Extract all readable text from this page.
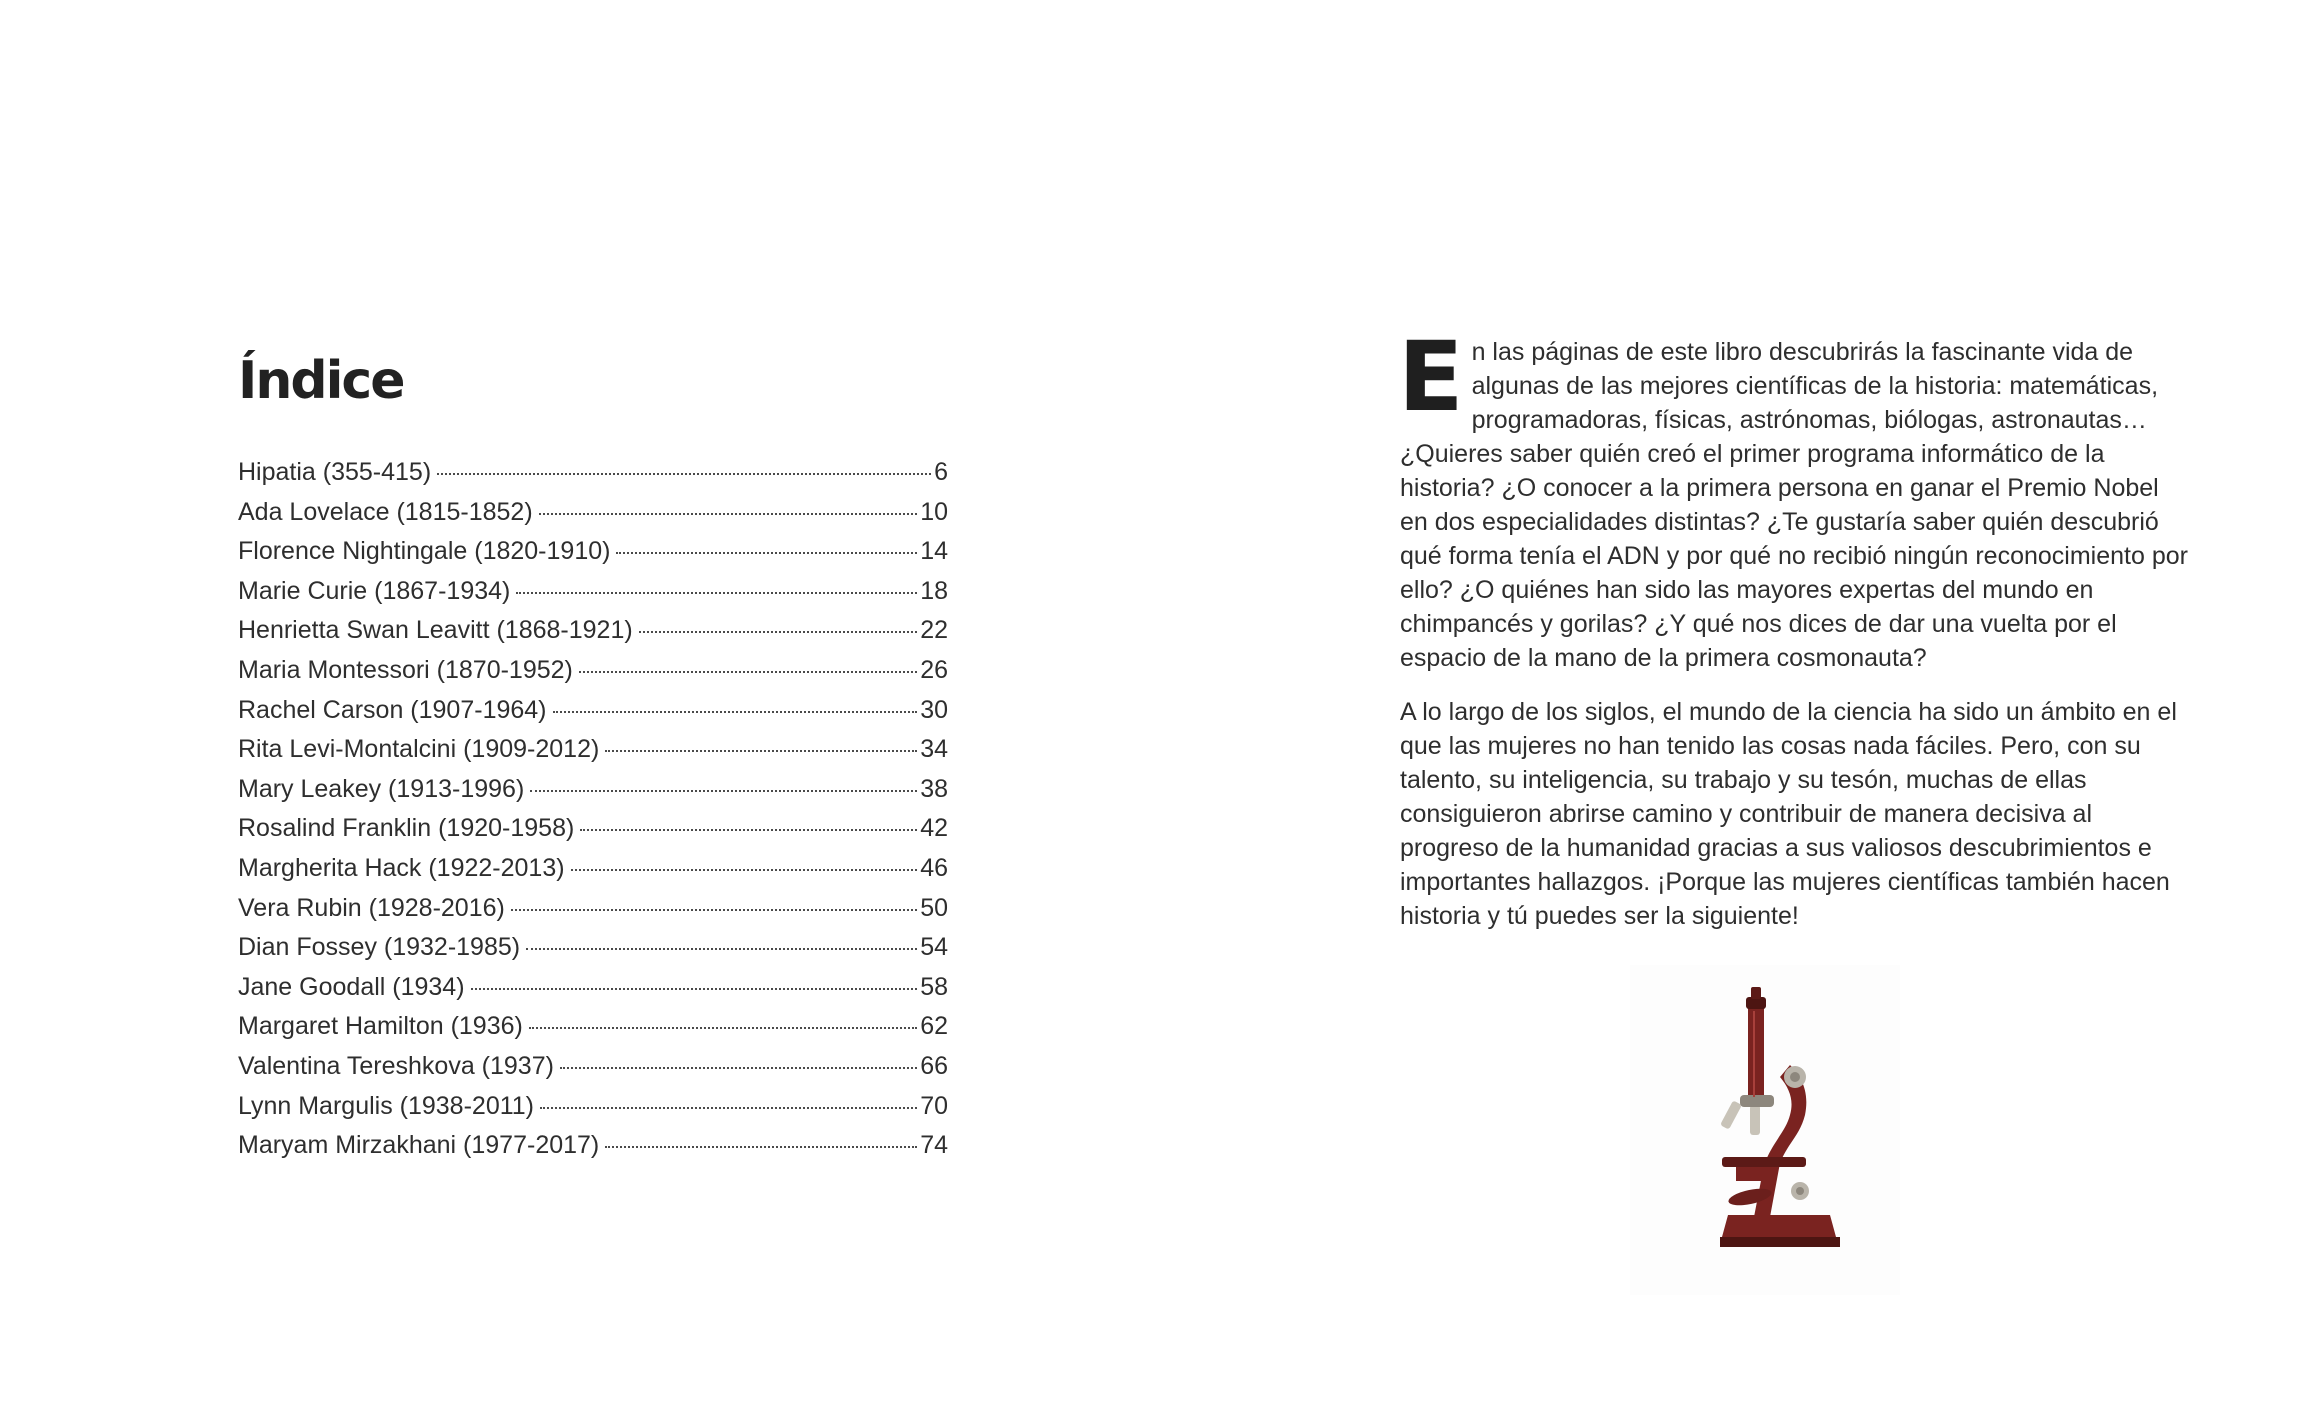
Índice
Hipatia (355-415)	6
Ada Lovelace (1815-1852)	10
Florence Nightingale (1820-1910)	14
Marie Curie (1867-1934)	18
Henrietta Swan Leavitt (1868-1921)	22
Maria Montessori (1870-1952)	26
Rachel Carson (1907-1964)	30
Rita Levi-Montalcini (1909-2012)	34
Mary Leakey (1913-1996)	38
Rosalind Franklin (1920-1958)	42
Margherita Hack (1922-2013)	46
Vera Rubin (1928-2016)	50
Dian Fossey (1932-1985)	54
Jane Goodall (1934)	58
Margaret Hamilton (1936)	62
Valentina Tereshkova (1937)	66
Lynn Margulis (1938-2011)	70
Maryam Mirzakhani (1977-2017)	74

En las páginas de este libro descubrirás la fascinante vida de algunas de las mejores científicas de la historia: matemáticas, programadoras, físicas, astrónomas, biólogas, astronautas… ¿Quieres saber quién creó el primer programa informático de la historia? ¿O conocer a la primera persona en ganar el Premio Nobel en dos especialidades distintas? ¿Te gustaría saber quién descubrió qué forma tenía el ADN y por qué no recibió ningún reconocimiento por ello? ¿O quiénes han sido las mayores expertas del mundo en chimpancés y gorilas? ¿Y qué nos dices de dar una vuelta por el espacio de la mano de la primera cosmonauta?

A lo largo de los siglos, el mundo de la ciencia ha sido un ámbito en el que las mujeres no han tenido las cosas nada fáciles. Pero, con su talento, su inteligencia, su trabajo y su tesón, muchas de ellas consiguieron abrirse camino y contribuir de manera decisiva al progreso de la humanidad gracias a sus valiosos descubrimientos e importantes hallazgos. ¡Porque las mujeres científicas también hacen historia y tú puedes ser la siguiente!
